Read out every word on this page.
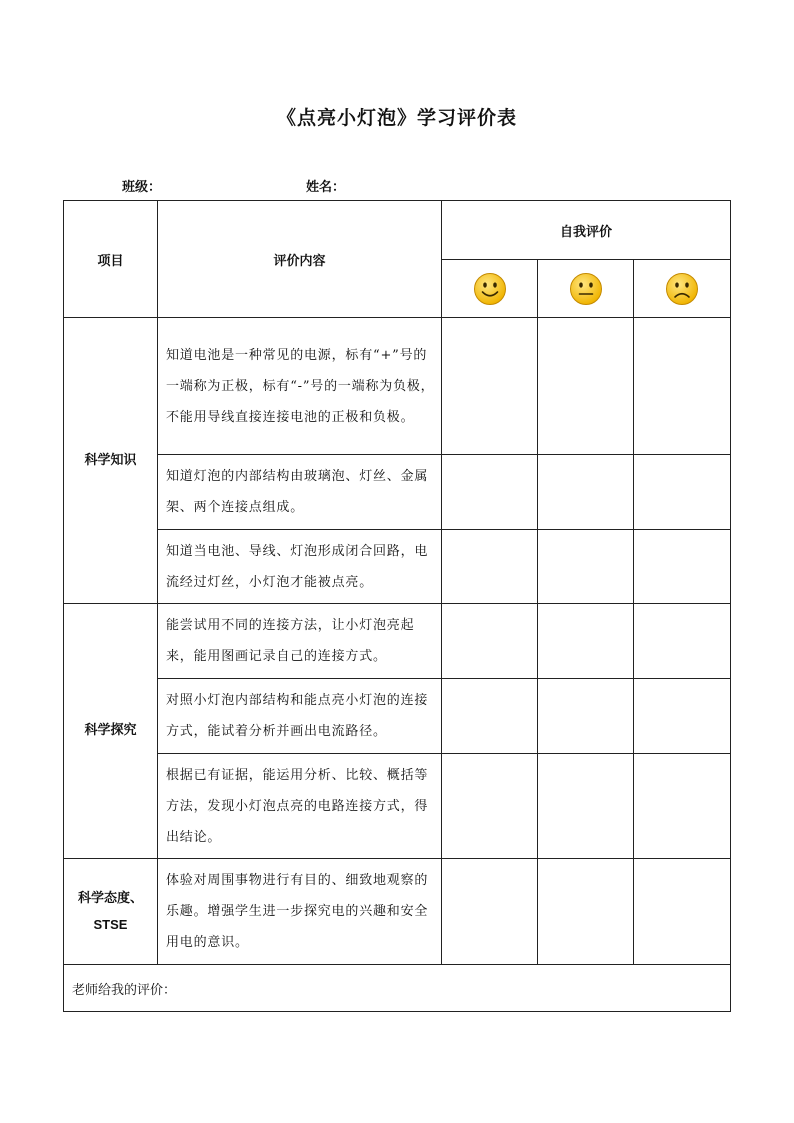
《点亮小灯泡》学习评价表
班级：	姓名：
项目	评价内容	自我评价		

科学知识	知道电池是一种常见的电源，标有“+”号的一端称为正极，标有“-”号的一端称为负极，不能用导线直接连接电池的正极和负极。			
	知道灯泡的内部结构由玻璃泡、灯丝、金属架、两个连接点组成。			
	知道当电池、导线、灯泡形成闭合回路，电流经过灯丝，小灯泡才能被点亮。			
科学探究	能尝试用不同的连接方法，让小灯泡亮起来，能用图画记录自己的连接方式。			
	对照小灯泡内部结构和能点亮小灯泡的连接方式，能试着分析并画出电流路径。			
	根据已有证据，能运用分析、比较、概括等方法，发现小灯泡点亮的电路连接方式，得出结论。			

科学态度、
STSE	体验对周围事物进行有目的、细致地观察的乐趣。增强学生进一步探究电的兴趣和安全用电的意识。			
老师给我的评价：				
